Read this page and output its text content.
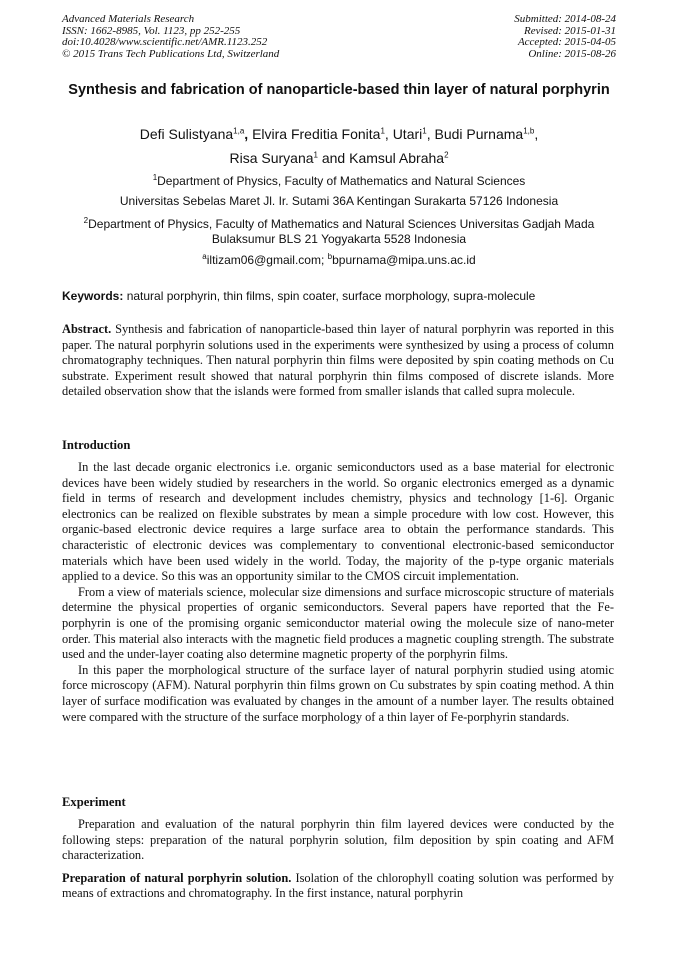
Advanced Materials Research
ISSN: 1662-8985, Vol. 1123, pp 252-255
doi:10.4028/www.scientific.net/AMR.1123.252
© 2015 Trans Tech Publications Ltd, Switzerland
Submitted: 2014-08-24
Revised: 2015-01-31
Accepted: 2015-04-05
Online: 2015-08-26
Synthesis and fabrication of nanoparticle-based thin layer of natural porphyrin
Defi Sulistyana$^{1,a}$, Elvira Freditia Fonita$^1$, Utari$^1$, Budi Purnama$^{1,b}$,
Risa Suryana$^1$ and Kamsul Abraha$^2$
$^1$Department of Physics, Faculty of Mathematics and Natural Sciences
Universitas Sebelas Maret Jl. Ir. Sutami 36A Kentingan Surakarta 57126 Indonesia
$^2$Department of Physics, Faculty of Mathematics and Natural Sciences Universitas Gadjah Mada Bulaksumur BLS 21 Yogyakarta 5528 Indonesia
$^a$iltizam06@gmail.com; $^b$bpurnama@mipa.uns.ac.id
Keywords: natural porphyrin, thin films, spin coater, surface morphology, supra-molecule
Abstract. Synthesis and fabrication of nanoparticle-based thin layer of natural porphyrin was reported in this paper. The natural porphyrin solutions used in the experiments were synthesized by using a process of column chromatography techniques. Then natural porphyrin thin films were deposited by spin coating methods on Cu substrate. Experiment result showed that natural porphyrin thin films composed of discrete islands. More detailed observation show that the islands were formed from smaller islands that called supra molecule.
Introduction
In the last decade organic electronics i.e. organic semiconductors used as a base material for electronic devices have been widely studied by researchers in the world. So organic electronics emerged as a dynamic field in terms of research and development includes chemistry, physics and technology [1-6]. Organic electronics can be realized on flexible substrates by mean a simple procedure with low cost. However, this organic-based electronic device requires a large surface area to obtain the performance standards. This characteristic of electronic devices was complementary to conventional electronic-based semiconductor materials which have been used widely in the world. Today, the majority of the p-type organic materials applied to a device. So this was an opportunity similar to the CMOS circuit implementation.
From a view of materials science, molecular size dimensions and surface microscopic structure of materials determine the physical properties of organic semiconductors. Several papers have reported that the Fe-porphyrin is one of the promising organic semiconductor material owing the molecule size of nano-meter order. This material also interacts with the magnetic field produces a magnetic coupling strength. The substrate used and the under-layer coating also determine magnetic property of the porphyrin films.
In this paper the morphological structure of the surface layer of natural porphyrin studied using atomic force microscopy (AFM). Natural porphyrin thin films grown on Cu substrates by spin coating method. A thin layer of surface modification was evaluated by changes in the amount of a number layer. The results obtained were compared with the structure of the surface morphology of a thin layer of Fe-porphyrin standards.
Experiment
Preparation and evaluation of the natural porphyrin thin film layered devices were conducted by the following steps: preparation of the natural porphyrin solution, film deposition by spin coating and AFM characterization.
Preparation of natural porphyrin solution. Isolation of the chlorophyll coating solution was performed by means of extractions and chromatography. In the first instance, natural porphyrin
